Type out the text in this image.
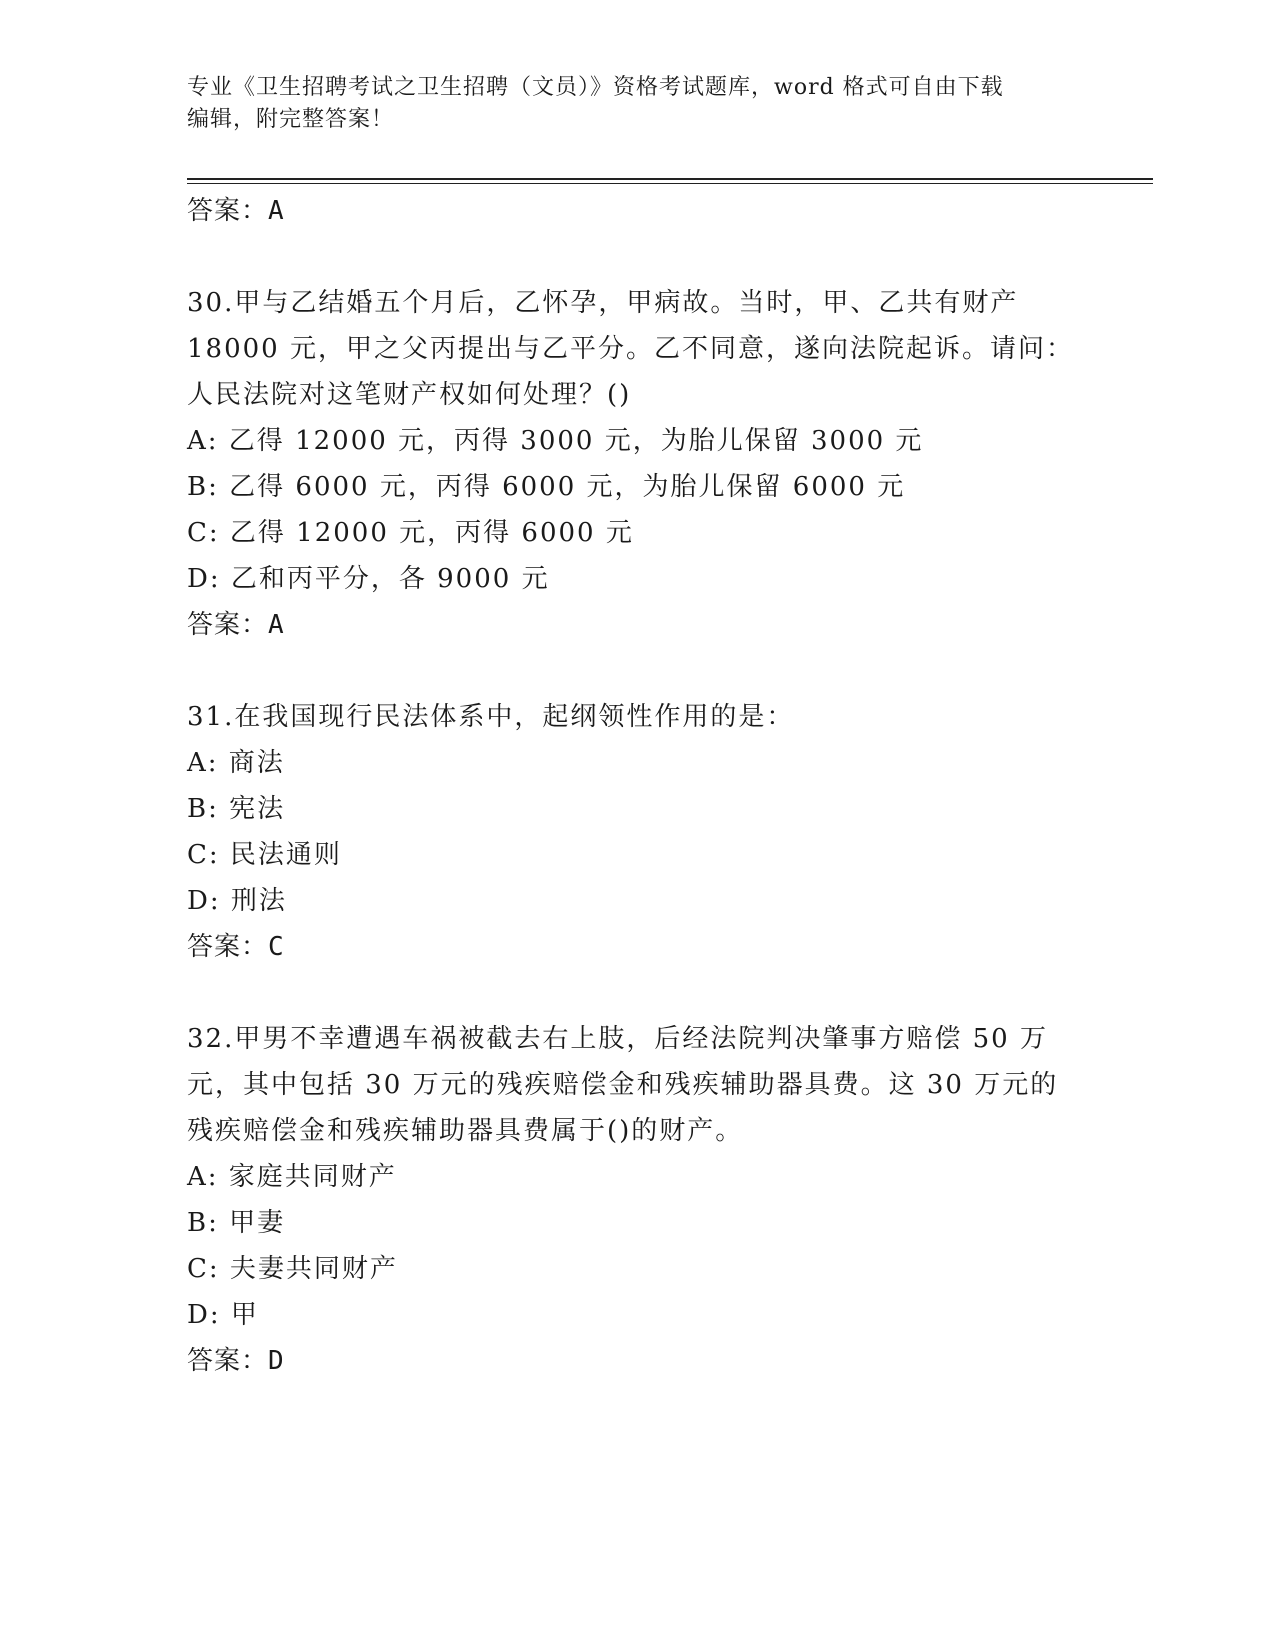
专业《卫生招聘考试之卫生招聘（文员）》资格考试题库，word 格式可自由下载
编辑，附完整答案！
答案：A
30.甲与乙结婚五个月后，乙怀孕，甲病故。当时，甲、乙共有财产
18000 元，甲之父丙提出与乙平分。乙不同意，遂向法院起诉。请问：
人民法院对这笔财产权如何处理？()
A: 乙得 12000 元，丙得 3000 元，为胎儿保留 3000 元
B: 乙得 6000 元，丙得 6000 元，为胎儿保留 6000 元
C: 乙得 12000 元，丙得 6000 元
D: 乙和丙平分，各 9000 元
答案：A
31.在我国现行民法体系中，起纲领性作用的是：
A: 商法
B: 宪法
C: 民法通则
D: 刑法
答案：C
32.甲男不幸遭遇车祸被截去右上肢，后经法院判决肇事方赔偿 50 万
元，其中包括 30 万元的残疾赔偿金和残疾辅助器具费。这 30 万元的
残疾赔偿金和残疾辅助器具费属于()的财产。
A: 家庭共同财产
B: 甲妻
C: 夫妻共同财产
D: 甲
答案：D
